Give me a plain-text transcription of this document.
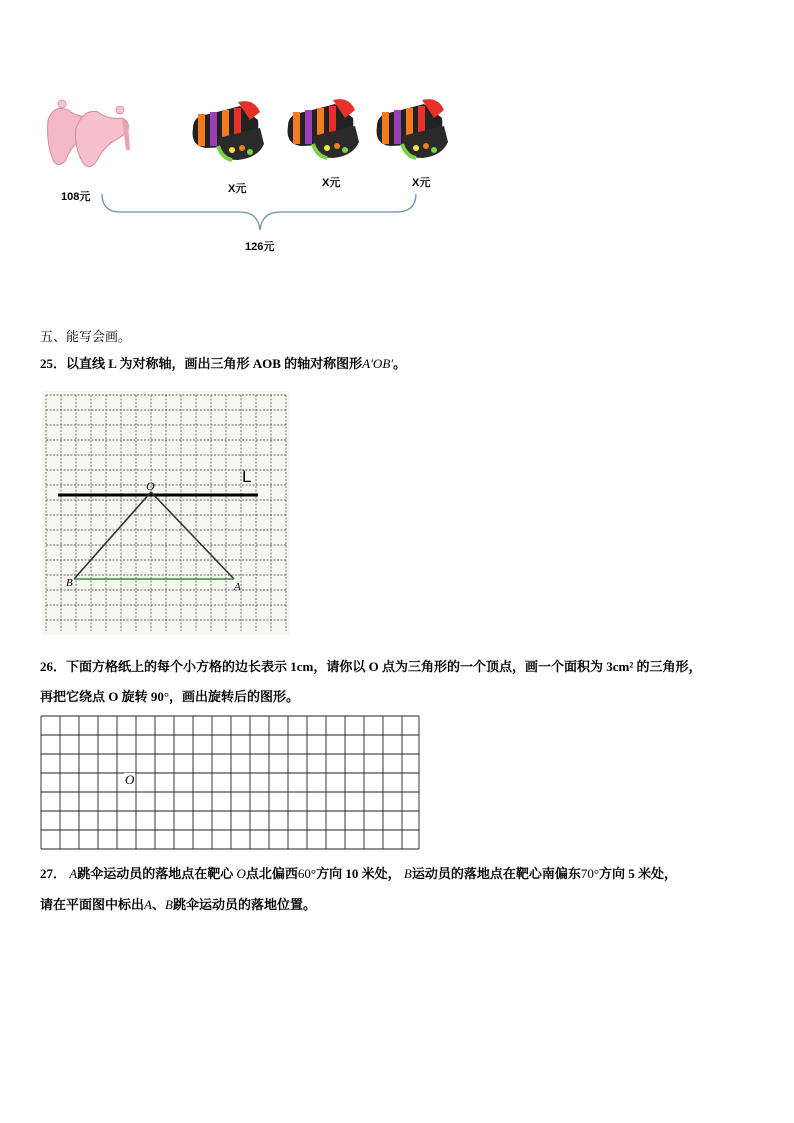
108元
X元	X元	X元
126元
五、能写会画。
25．以直线 L 为对称轴，画出三角形 AOB 的轴对称图形A′OB′。
L
O
B	A
26．下面方格纸上的每个小方格的边长表示 1cm，请你以 O 点为三角形的一个顶点，画一个面积为 3cm² 的三角形，
再把它绕点 O 旋转 90°，画出旋转后的图形。
O
27． A跳伞运动员的落地点在靶心 O点北偏西60°方向 10 米处， B运动员的落地点在靶心南偏东70°方向 5 米处，
请在平面图中标出A、B跳伞运动员的落地位置。
